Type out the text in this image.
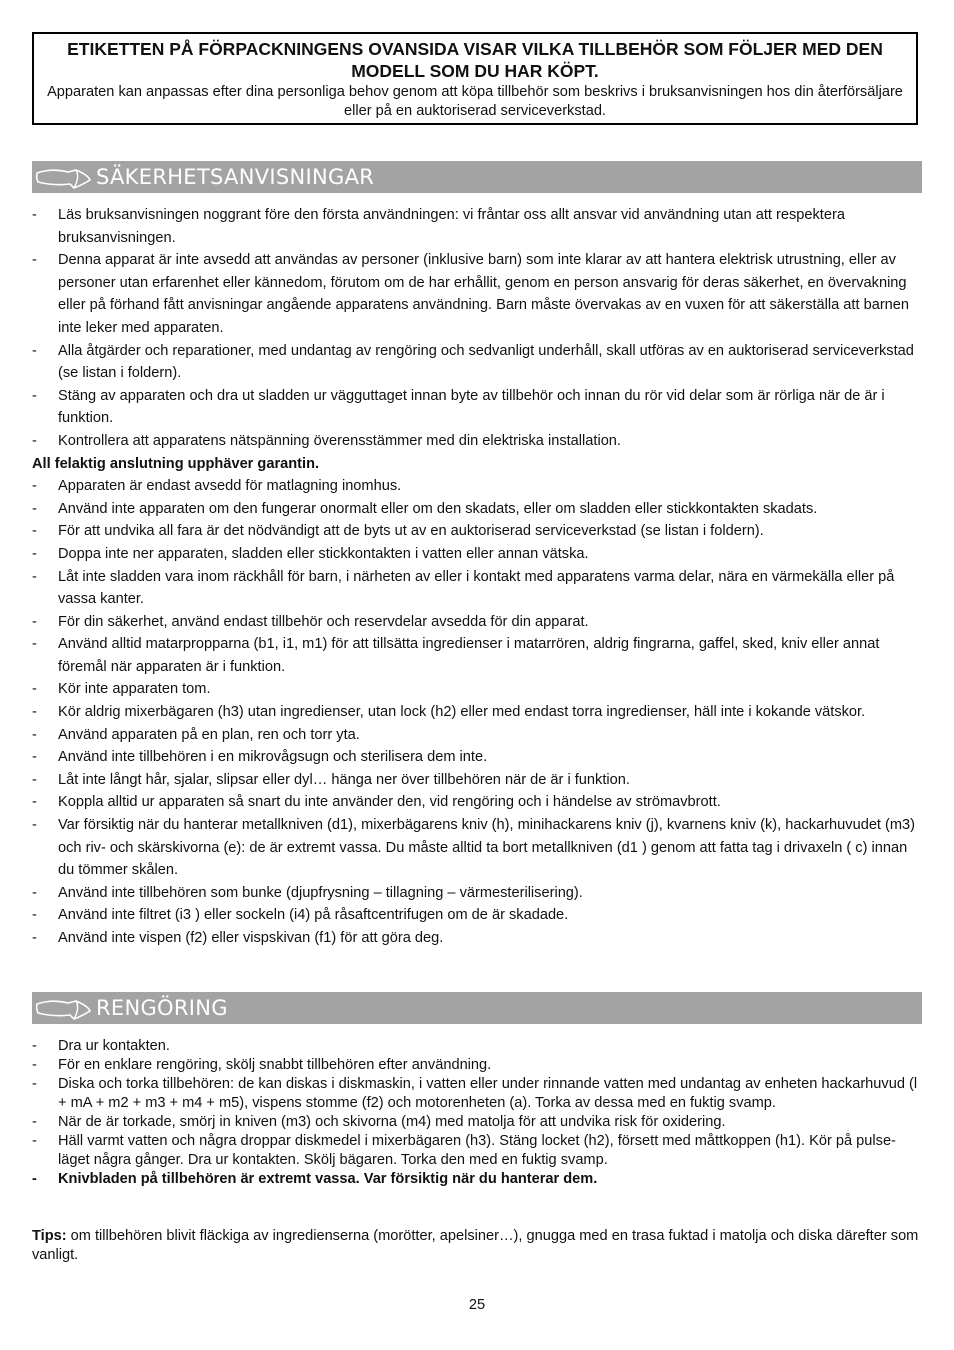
ETIKETTEN PÅ FÖRPACKNINGENS OVANSIDA VISAR VILKA TILLBEHÖR SOM FÖLJER MED DEN MODELL SOM DU HAR KÖPT.

Apparaten kan anpassas efter dina personliga behov genom att köpa tillbehör som beskrivs i bruksanvisningen hos din återförsäljare eller på en auktoriserad serviceverkstad.

SÄKERHETSANVISNINGAR
- Läs bruksanvisningen noggrant före den första användningen: vi fråntar oss allt ansvar vid användning utan att respektera bruksanvisningen.
- Denna apparat är inte avsedd att användas av personer (inklusive barn) som inte klarar av att hantera elektrisk utrustning, eller av personer utan erfarenhet eller kännedom, förutom om de har erhållit, genom en person ansvarig för deras säkerhet, en övervakning eller på förhand fått anvisningar angående apparatens användning. Barn måste övervakas av en vuxen för att säkerställa att barnen inte leker med apparaten.
- Alla åtgärder och reparationer, med undantag av rengöring och sedvanligt underhåll, skall utföras av en auktoriserad serviceverkstad (se listan i foldern).
- Stäng av apparaten och dra ut sladden ur vägguttaget innan byte av tillbehör och innan du rör vid delar som är rörliga när de är i funktion.
- Kontrollera att apparatens nätspänning överensstämmer med din elektriska installation.
All felaktig anslutning upphäver garantin.
- Apparaten är endast avsedd för matlagning inomhus.
- Använd inte apparaten om den fungerar onormalt eller om den skadats, eller om sladden eller stickkontakten skadats.
- För att undvika all fara är det nödvändigt att de byts ut av en auktoriserad serviceverkstad (se listan i foldern).
- Doppa inte ner apparaten, sladden eller stickkontakten i vatten eller annan vätska.
- Låt inte sladden vara inom räckhåll för barn, i närheten av eller i kontakt med apparatens varma delar, nära en värmekälla eller på vassa kanter.
- För din säkerhet, använd endast tillbehör och reservdelar avsedda för din apparat.
- Använd alltid matarpropparna (b1, i1, m1) för att tillsätta ingredienser i matarrören, aldrig fingrarna, gaffel, sked, kniv eller annat föremål när apparaten är i funktion.
- Kör inte apparaten tom.
- Kör aldrig mixerbägaren (h3) utan ingredienser, utan lock (h2) eller med endast torra ingredienser, häll inte i kokande vätskor.
- Använd apparaten på en plan, ren och torr yta.
- Använd inte tillbehören i en mikrovågsugn och sterilisera dem inte.
- Låt inte långt hår, sjalar, slipsar eller dyl… hänga ner över tillbehören när de är i funktion.
- Koppla alltid ur apparaten så snart du inte använder den, vid rengöring och i händelse av strömavbrott.
- Var försiktig när du hanterar metallkniven (d1), mixerbägarens kniv (h), minihackarens kniv (j), kvarnens kniv (k), hackarhuvudet (m3) och riv- och skärskivorna (e): de är extremt vassa. Du måste alltid ta bort metallkniven (d1 ) genom att fatta tag i drivaxeln ( c) innan du tömmer skålen.
- Använd inte tillbehören som bunke (djupfrysning – tillagning – värmesterilisering).
- Använd inte filtret (i3 ) eller sockeln (i4) på råsaftcentrifugen om de är skadade.
- Använd inte vispen (f2) eller vispskivan (f1) för att göra deg.
RENGÖRING
- Dra ur kontakten.
- För en enklare rengöring, skölj snabbt tillbehören efter användning.
- Diska och torka tillbehören: de kan diskas i diskmaskin, i vatten eller under rinnande vatten med undantag av enheten hackarhuvud (l + mA + m2 + m3 + m4 + m5), vispens stomme (f2) och motorenheten (a). Torka av dessa med en fuktig svamp.
- När de är torkade, smörj in kniven (m3) och skivorna (m4) med matolja för att undvika risk för oxidering.
- Häll varmt vatten och några droppar diskmedel i mixerbägaren (h3). Stäng locket (h2), försett med måttkoppen (h1). Kör på pulse-läget några gånger. Dra ur kontakten. Skölj bägaren. Torka den med en fuktig svamp.
- Knivbladen på tillbehören är extremt vassa. Var försiktig när du hanterar dem.

Tips: om tillbehören blivit fläckiga av ingredienserna (morötter, apelsiner…), gnugga med en trasa fuktad i matolja och diska därefter som vanligt.

25
